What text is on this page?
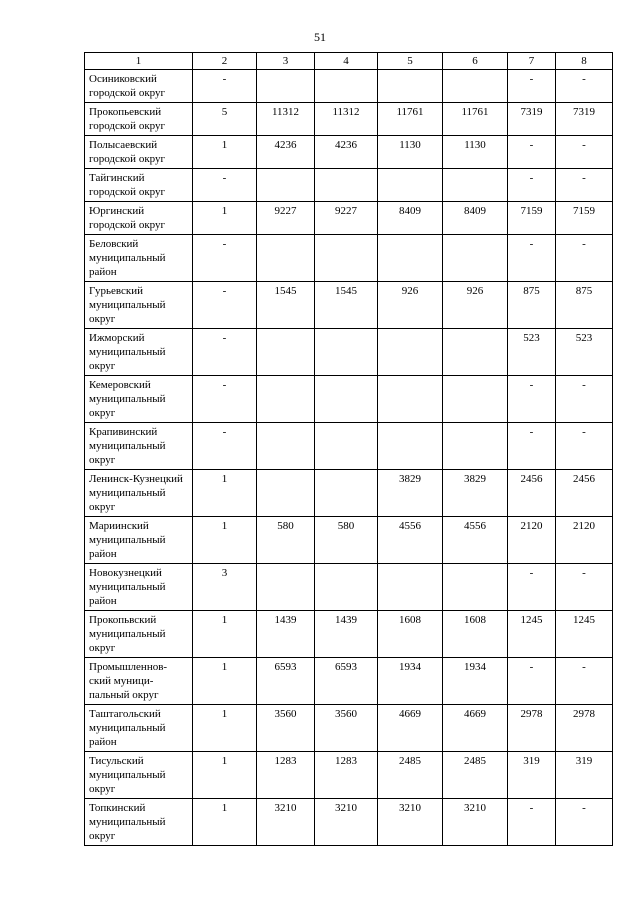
51
1	2	3	4	5	6	7	8
Осиниковский городской округ	-					-	-
Прокопьевский городской округ	5	11312	11312	11761	11761	7319	7319
Полысаевский городской округ	1	4236	4236	1130	1130	-	-
Тайгинский городской округ	-					-	-
Юргинский городской округ	1	9227	9227	8409	8409	7159	7159
Беловский муниципальный район	-					-	-
Гурьевский муниципальный округ	-	1545	1545	926	926	875	875
Ижморский муниципальный округ	-					523	523
Кемеровский муниципальный округ	-					-	-
Крапивинский муниципальный округ	-					-	-
Ленинск-Кузнецкий муниципальный округ	1			3829	3829	2456	2456
Мариинский муниципальный район	1	580	580	4556	4556	2120	2120
Новокузнецкий муниципальный район	3					-	-
Прокопьвский муниципальный округ	1	1439	1439	1608	1608	1245	1245
Промышленнов-ский муници-пальный округ	1	6593	6593	1934	1934	-	-
Таштагольский муниципальный район	1	3560	3560	4669	4669	2978	2978
Тисульский муниципальный округ	1	1283	1283	2485	2485	319	319
Топкинский муниципальный округ	1	3210	3210	3210	3210	-	-
